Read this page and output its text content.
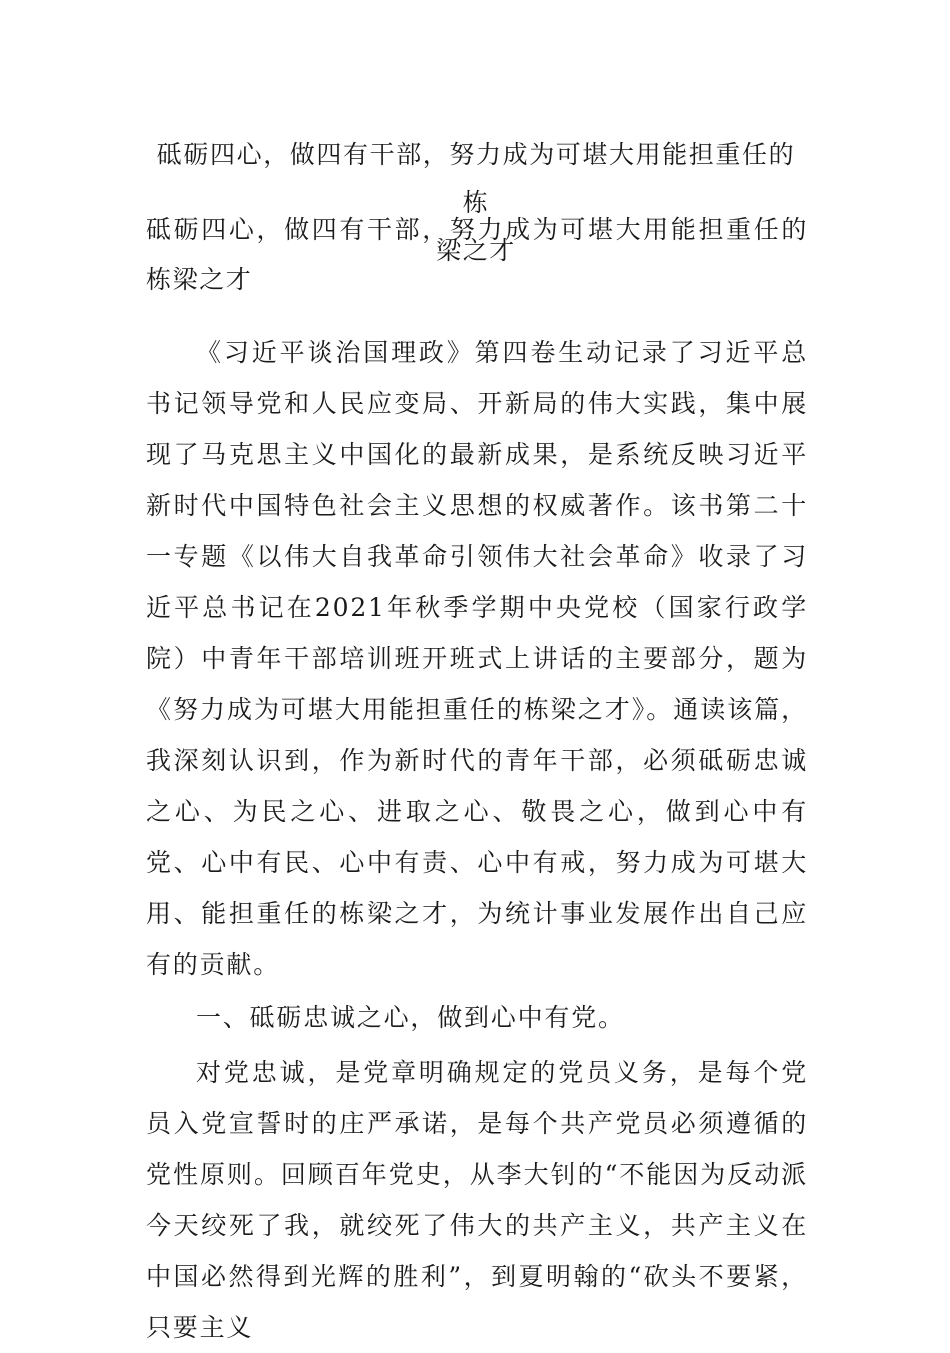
砥砺四心，做四有干部，努力成为可堪大用能担重任的栋
梁之才

砥砺四心，做四有干部，努力成为可堪大用能担重任的栋梁之才

《习近平谈治国理政》第四卷生动记录了习近平总书记领导党和人民应变局、开新局的伟大实践，集中展现了马克思主义中国化的最新成果，是系统反映习近平新时代中国特色社会主义思想的权威著作。该书第二十一专题《以伟大自我革命引领伟大社会革命》收录了习近平总书记在2021年秋季学期中央党校（国家行政学院）中青年干部培训班开班式上讲话的主要部分，题为《努力成为可堪大用能担重任的栋梁之才》。通读该篇，我深刻认识到，作为新时代的青年干部，必须砥砺忠诚之心、为民之心、进取之心、敬畏之心，做到心中有党、心中有民、心中有责、心中有戒，努力成为可堪大用、能担重任的栋梁之才，为统计事业发展作出自己应有的贡献。

一、砥砺忠诚之心，做到心中有党。

对党忠诚，是党章明确规定的党员义务，是每个党员入党宣誓时的庄严承诺，是每个共产党员必须遵循的党性原则。回顾百年党史，从李大钊的“不能因为反动派今天绞死了我，就绞死了伟大的共产主义，共产主义在中国必然得到光辉的胜利”，到夏明翰的“砍头不要紧，只要主义
